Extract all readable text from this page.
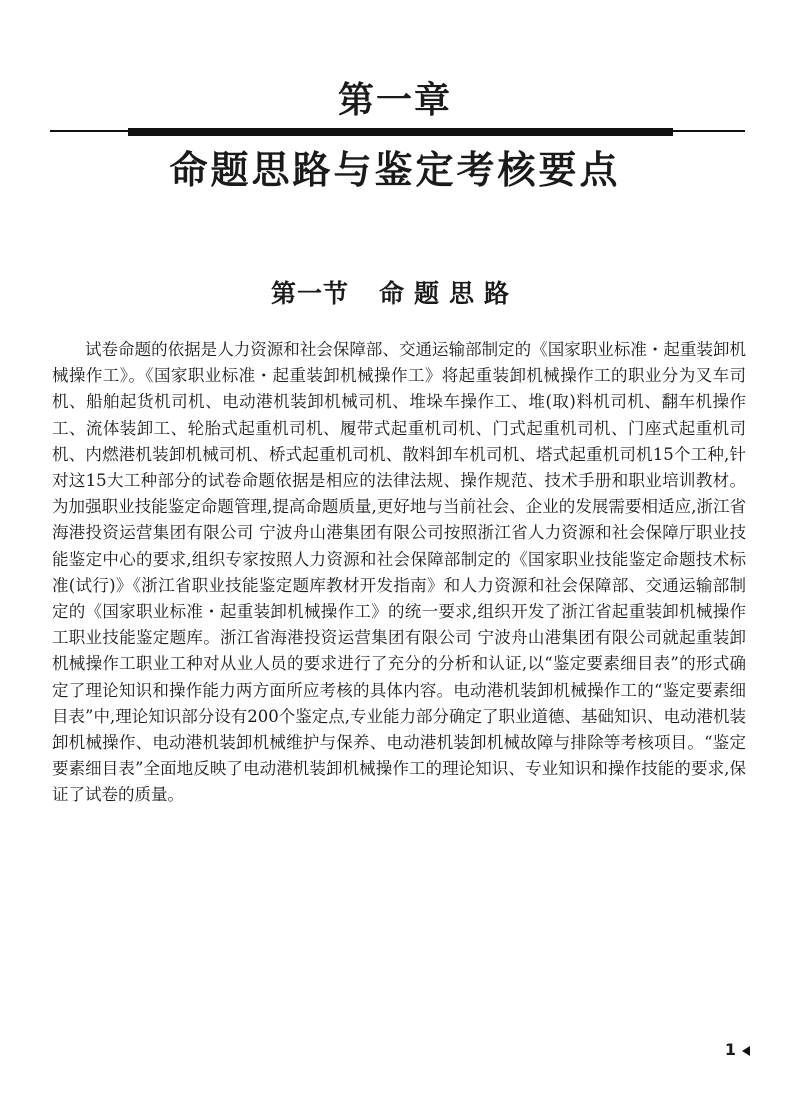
第一章
命题思路与鉴定考核要点
第一节 命题思路

试卷命题的依据是人力资源和社会保障部、交通运输部制定的《国家职业标准・起重装卸机械操作工》。《国家职业标准・起重装卸机械操作工》将起重装卸机械操作工的职业分为叉车司机、船舶起货机司机、电动港机装卸机械司机、堆垛车操作工、堆(取)料机司机、翻车机操作工、流体装卸工、轮胎式起重机司机、履带式起重机司机、门式起重机司机、门座式起重机司机、内燃港机装卸机械司机、桥式起重机司机、散料卸车机司机、塔式起重机司机15个工种,针对这15大工种部分的试卷命题依据是相应的法律法规、操作规范、技术手册和职业培训教材。为加强职业技能鉴定命题管理,提高命题质量,更好地与当前社会、企业的发展需要相适应,浙江省海港投资运营集团有限公司 宁波舟山港集团有限公司按照浙江省人力资源和社会保障厅职业技能鉴定中心的要求,组织专家按照人力资源和社会保障部制定的《国家职业技能鉴定命题技术标准(试行)》《浙江省职业技能鉴定题库教材开发指南》和人力资源和社会保障部、交通运输部制定的《国家职业标准・起重装卸机械操作工》的统一要求,组织开发了浙江省起重装卸机械操作工职业技能鉴定题库。浙江省海港投资运营集团有限公司 宁波舟山港集团有限公司就起重装卸机械操作工职业工种对从业人员的要求进行了充分的分析和认证,以“鉴定要素细目表”的形式确定了理论知识和操作能力两方面所应考核的具体内容。电动港机装卸机械操作工的“鉴定要素细目表”中,理论知识部分设有200个鉴定点,专业能力部分确定了职业道德、基础知识、电动港机装卸机械操作、电动港机装卸机械维护与保养、电动港机装卸机械故障与排除等考核项目。“鉴定要素细目表”全面地反映了电动港机装卸机械操作工的理论知识、专业知识和操作技能的要求,保证了试卷的质量。

1
